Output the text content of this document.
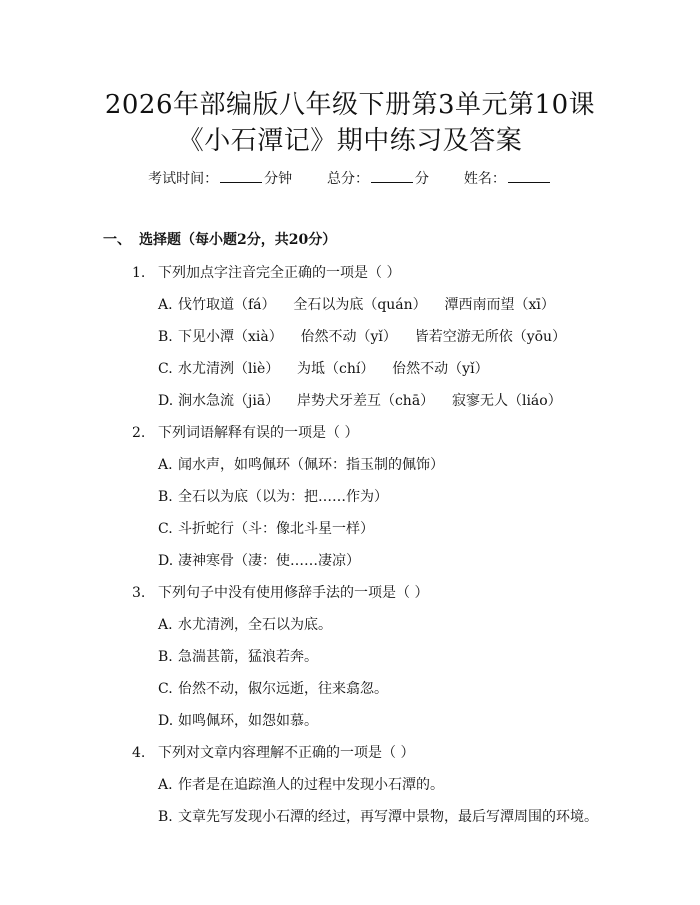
2026年部编版八年级下册第3单元第10课
《小石潭记》期中练习及答案
考试时间：	分钟 总分：	分 姓名：
一、 选择题（每小题2分，共20分）
1. 下列加点字注音完全正确的一项是（ ）
A. 伐竹取道（fá）    全石以为底（quán）    潭西南而望（xī）
B. 下见小潭（xià）    佁然不动（yǐ）    皆若空游无所依（yōu）
C. 水尤清洌（liè）    为坻（chí）    佁然不动（yǐ）
D. 涧水急流（jiā）    岸势犬牙差互（chā）    寂寥无人（liáo）
2. 下列词语解释有误的一项是（ ）
A. 闻水声，如鸣佩环（佩环：指玉制的佩饰）
B. 全石以为底（以为：把……作为）
C. 斗折蛇行（斗：像北斗星一样）
D. 凄神寒骨（凄：使……凄凉）
3. 下列句子中没有使用修辞手法的一项是（ ）
A. 水尤清洌，全石以为底。
B. 急湍甚箭，猛浪若奔。
C. 佁然不动，俶尔远逝，往来翕忽。
D. 如鸣佩环，如怨如慕。
4. 下列对文章内容理解不正确的一项是（ ）
A. 作者是在追踪渔人的过程中发现小石潭的。
B. 文章先写发现小石潭的经过，再写潭中景物，最后写潭周围的环境。
